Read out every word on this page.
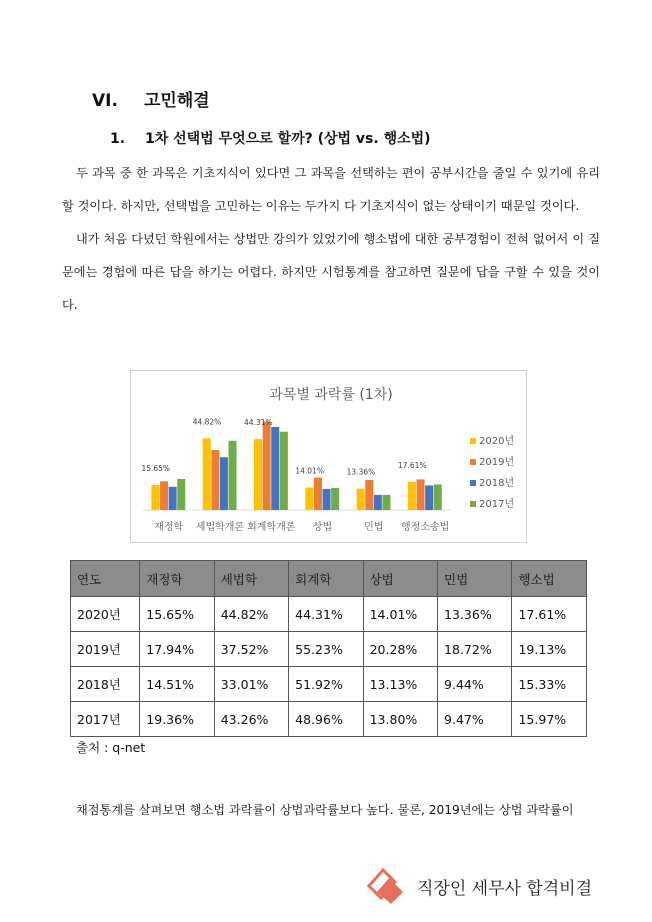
VI. 고민해결
1. 1차 선택법 무엇으로 할까? (상법 vs. 행소법)

두 과목 중 한 과목은 기초지식이 있다면 그 과목을 선택하는 편이 공부시간을 줄일 수 있기에 유리할 것이다. 하지만, 선택법을 고민하는 이유는 두가지 다 기초지식이 없는 상태이기 때문일 것이다.

내가 처음 다녔던 학원에서는 상법만 강의가 있었기에 행소법에 대한 공부경험이 전혀 없어서 이 질문에는 경험에 따른 답을 하기는 어렵다. 하지만 시험통계를 참고하면 질문에 답을 구할 수 있을 것이다.

과목별 과락률 (1차)
15.65%
재정학
44.82%
세법학개론
44.31%
회계학개론
14.01%
상법
13.36%
민법
17.61%
행정소송법
2020년
2019년
2018년
2017년
연도	재정학	세법학	회계학	상법	민법	행소법
2020년	15.65%	44.82%	44.31%	14.01%	13.36%	17.61%
2019년	17.94%	37.52%	55.23%	20.28%	18.72%	19.13%
2018년	14.51%	33.01%	51.92%	13.13%	9.44%	15.33%
2017년	19.36%	43.26%	48.96%	13.80%	9.47%	15.97%
출처 : q-net
채점통계를 살펴보면 행소법 과락률이 상법과락률보다 높다. 물론, 2019년에는 상법 과락률이
직장인 세무사 합격비결
